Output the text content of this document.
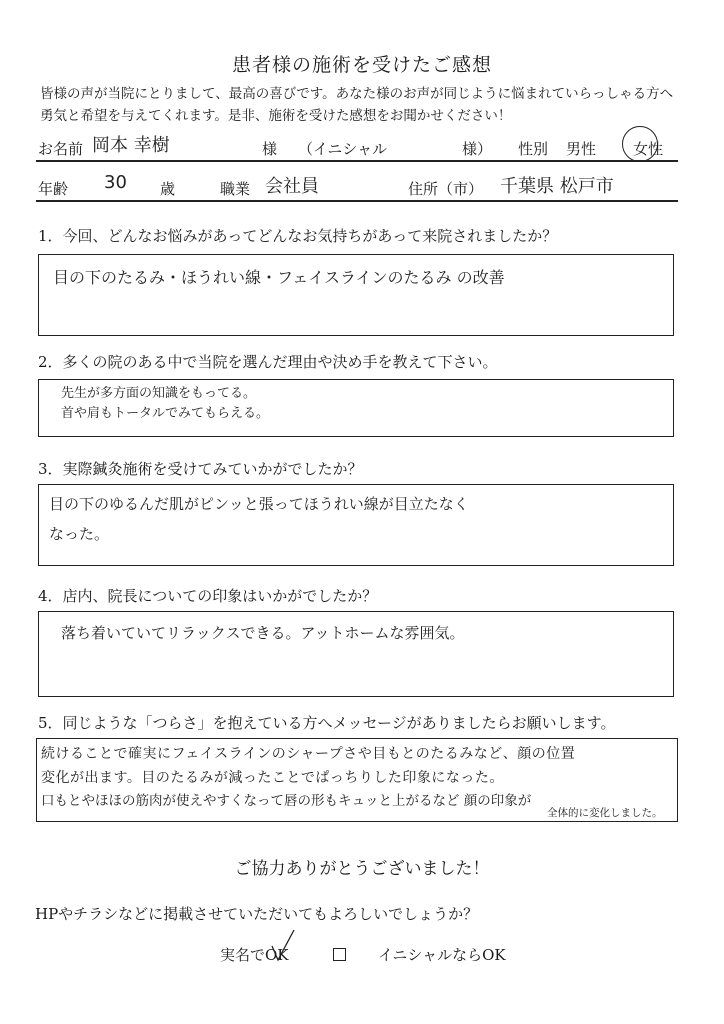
患者様の施術を受けたご感想
皆様の声が当院にとりまして、最高の喜びです。あなた様のお声が同じように悩まれていらっしゃる方へ
勇気と希望を与えてくれます。是非、施術を受けた感想をお聞かせください！
お名前 岡本 幸樹	様 （イニシャル	様） 性別 男性 女性
年齢 30 歳	職業 会社員	住所（市） 千葉県 松戸市
1．今回、どんなお悩みがあってどんなお気持ちがあって来院されましたか？
目の下のたるみ・ほうれい線・フェイスラインのたるみ の改善
2．多くの院のある中で当院を選んだ理由や決め手を教えて下さい。
先生が多方面の知識をもってる。
首や肩もトータルでみてもらえる。
3．実際鍼灸施術を受けてみていかがでしたか？
目の下のゆるんだ肌がピンッと張ってほうれい線が目立たなく
なった。
4．店内、院長についての印象はいかがでしたか？
落ち着いていてリラックスできる。アットホームな雰囲気。
5．同じような「つらさ」を抱えている方へメッセージがありましたらお願いします。
続けることで確実にフェイスラインのシャープさや目もとのたるみなど、顔の位置
変化が出ます。目のたるみが減ったことでぱっちりした印象になった。
口もとやほほの筋肉が使えやすくなって唇の形もキュッと上がるなど 顔の印象が
全体的に変化しました。
ご協力ありがとうございました！
HPやチラシなどに掲載させていただいてもよろしいでしょうか？
実名でOK	イニシャルならOK
